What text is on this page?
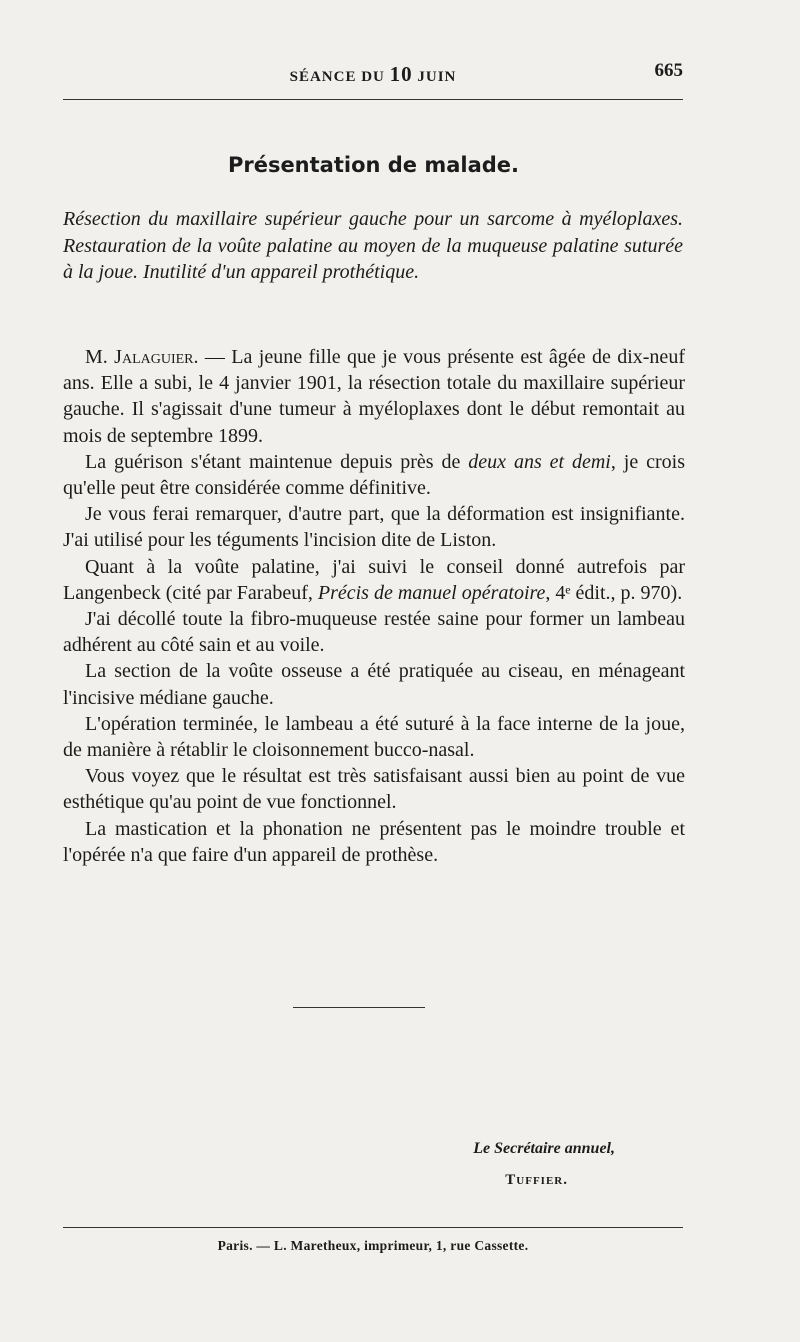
SÉANCE DU 10 JUIN	665
Présentation de malade.
Résection du maxillaire supérieur gauche pour un sarcome à myéloplaxes. Restauration de la voûte palatine au moyen de la muqueuse palatine suturée à la joue. Inutilité d'un appareil prothétique.

M. Jalaguier. — La jeune fille que je vous présente est âgée de dix-neuf ans. Elle a subi, le 4 janvier 1901, la résection totale du maxillaire supérieur gauche. Il s'agissait d'une tumeur à myéloplaxes dont le début remontait au mois de septembre 1899.

La guérison s'étant maintenue depuis près de deux ans et demi, je crois qu'elle peut être considérée comme définitive.

Je vous ferai remarquer, d'autre part, que la déformation est insignifiante. J'ai utilisé pour les téguments l'incision dite de Liston.

Quant à la voûte palatine, j'ai suivi le conseil donné autrefois par Langenbeck (cité par Farabeuf, Précis de manuel opératoire, 4ᵉ édit., p. 970).

J'ai décollé toute la fibro-muqueuse restée saine pour former un lambeau adhérent au côté sain et au voile.

La section de la voûte osseuse a été pratiquée au ciseau, en ménageant l'incisive médiane gauche.

L'opération terminée, le lambeau a été suturé à la face interne de la joue, de manière à rétablir le cloisonnement bucco-nasal.

Vous voyez que le résultat est très satisfaisant aussi bien au point de vue esthétique qu'au point de vue fonctionnel.

La mastication et la phonation ne présentent pas le moindre trouble et l'opérée n'a que faire d'un appareil de prothèse.

Le Secrétaire annuel,
Tuffier.
Paris. — L. Maretheux, imprimeur, 1, rue Cassette.
